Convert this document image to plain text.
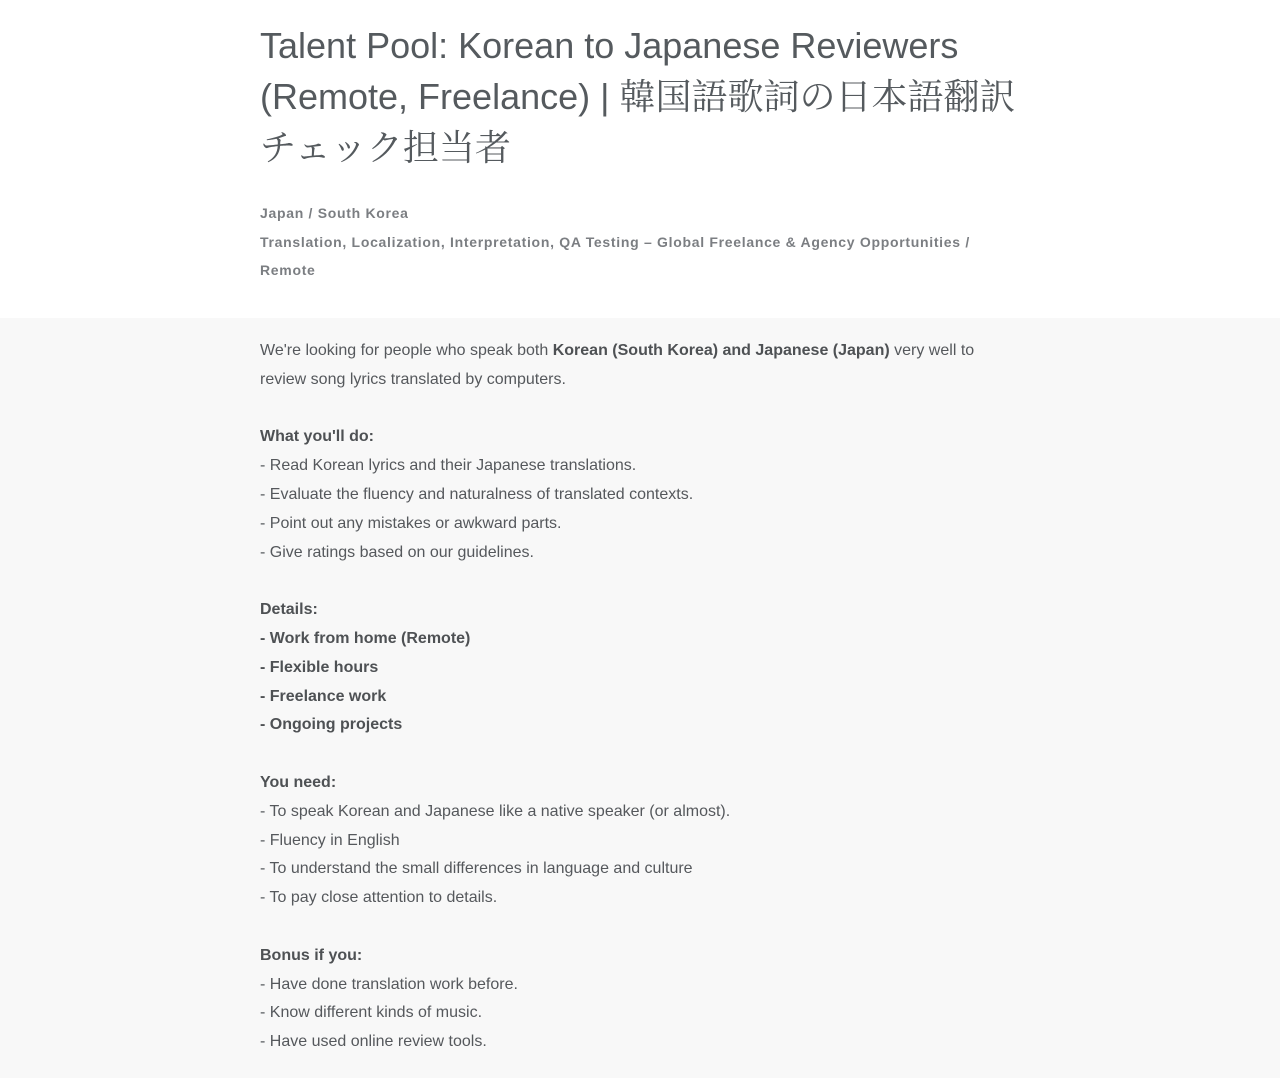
Talent Pool: Korean to Japanese Reviewers (Remote, Freelance) | 韓国語歌詞の日本語翻訳チェック担当者
Japan / South Korea
Translation, Localization, Interpretation, QA Testing – Global Freelance & Agency Opportunities / Remote

We're looking for people who speak both Korean (South Korea) and Japanese (Japan) very well to review song lyrics translated by computers.

What you'll do:

- Read Korean lyrics and their Japanese translations.

- Evaluate the fluency and naturalness of translated contexts.

- Point out any mistakes or awkward parts.

- Give ratings based on our guidelines.

Details:

- Work from home (Remote)

- Flexible hours

- Freelance work

- Ongoing projects

You need:

- To speak Korean and Japanese like a native speaker (or almost).

- Fluency in English

- To understand the small differences in language and culture

- To pay close attention to details.

Bonus if you:

- Have done translation work before.

- Know different kinds of music.

- Have used online review tools.
